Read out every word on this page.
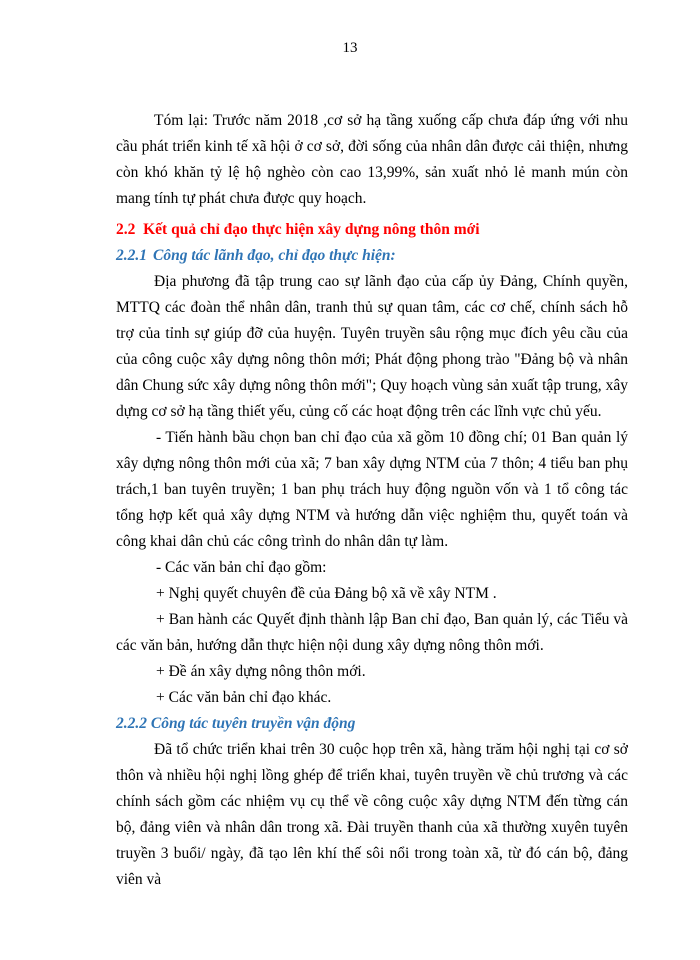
13

Tóm lại: Trước năm 2018 ,cơ sở hạ tầng xuống cấp chưa đáp ứng với nhu cầu phát triển kinh tế xã hội ở cơ sở, đời sống của nhân dân được cải thiện, nhưng còn khó khăn tỷ lệ hộ nghèo còn cao 13,99%, sản xuất nhỏ lẻ manh mún còn mang tính tự phát chưa được quy hoạch.

2.2 Kết quả chỉ đạo thực hiện xây dựng nông thôn mới

2.2.1 Công tác lãnh đạo, chỉ đạo thực hiện:

Địa phương đã tập trung cao sự lãnh đạo của cấp ủy Đảng, Chính quyền, MTTQ các đoàn thể nhân dân, tranh thủ sự quan tâm, các cơ chế, chính sách hỗ trợ của tỉnh sự giúp đỡ của huyện. Tuyên truyền sâu rộng mục đích yêu cầu của của công cuộc xây dựng nông thôn mới; Phát động phong trào "Đảng bộ và nhân dân Chung sức xây dựng nông thôn mới"; Quy hoạch vùng sản xuất tập trung, xây dựng cơ sở hạ tầng thiết yếu, củng cố các hoạt động trên các lĩnh vực chủ yếu.

- Tiến hành bầu chọn ban chỉ đạo của xã gồm 10 đồng chí; 01 Ban quản lý xây dựng nông thôn mới của xã; 7 ban xây dựng NTM của 7 thôn; 4 tiểu ban phụ trách,1 ban tuyên truyền; 1 ban phụ trách huy động nguồn vốn và 1 tổ công tác tổng hợp kết quả xây dựng NTM và hướng dẫn việc nghiệm thu, quyết toán và công khai dân chủ các công trình do nhân dân tự làm.

- Các văn bản chỉ đạo gồm:

+ Nghị quyết chuyên đề của Đảng bộ xã về xây NTM .

+ Ban hành các Quyết định thành lập Ban chỉ đạo, Ban quản lý, các Tiểu và các văn bản, hướng dẫn thực hiện nội dung xây dựng nông thôn mới.

+ Đề án xây dựng nông thôn mới.

+ Các văn bản chỉ đạo khác.

2.2.2 Công tác tuyên truyền vận động

Đã tổ chức triển khai trên 30 cuộc họp trên xã, hàng trăm hội nghị tại cơ sở thôn và nhiều hội nghị lồng ghép để triển khai, tuyên truyền về chủ trương và các chính sách gồm các nhiệm vụ cụ thể về công cuộc xây dựng NTM đến từng cán bộ, đảng viên và nhân dân trong xã. Đài truyền thanh của xã thường xuyên tuyên truyền 3 buổi/ ngày, đã tạo lên khí thế sôi nổi trong toàn xã, từ đó cán bộ, đảng viên và
